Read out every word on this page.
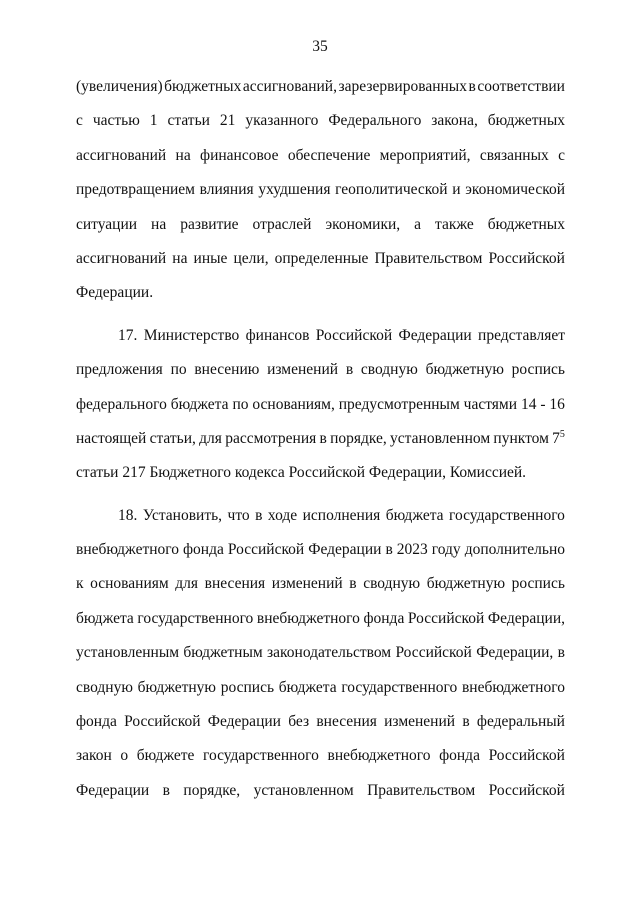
35
(увеличения) бюджетных ассигнований, зарезервированных в соответствии
с частью 1 статьи 21 указанного Федерального закона, бюджетных
ассигнований на финансовое обеспечение мероприятий, связанных с
предотвращением влияния ухудшения геополитической и экономической
ситуации на развитие отраслей экономики, а также бюджетных
ассигнований на иные цели, определенные Правительством Российской
Федерации.
17. Министерство финансов Российской Федерации представляет
предложения по внесению изменений в сводную бюджетную роспись
федерального бюджета по основаниям, предусмотренным частями 14 - 16
настоящей статьи, для рассмотрения в порядке, установленном пунктом $7^5$
статьи 217 Бюджетного кодекса Российской Федерации, Комиссией.
18. Установить, что в ходе исполнения бюджета государственного
внебюджетного фонда Российской Федерации в 2023 году дополнительно
к основаниям для внесения изменений в сводную бюджетную роспись
бюджета государственного внебюджетного фонда Российской Федерации,
установленным бюджетным законодательством Российской Федерации, в
сводную бюджетную роспись бюджета государственного внебюджетного
фонда Российской Федерации без внесения изменений в федеральный
закон о бюджете государственного внебюджетного фонда Российской
Федерации в порядке, установленном Правительством Российской
